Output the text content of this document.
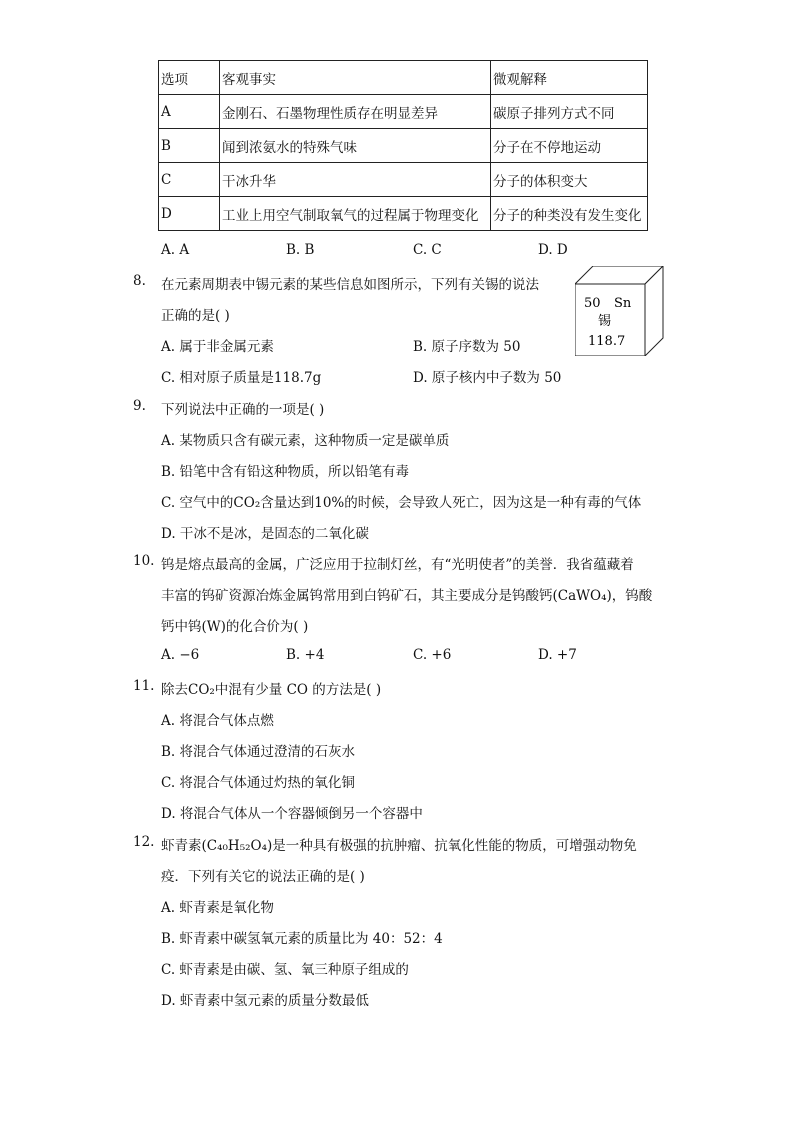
选项	客观事实	微观解释
A	金刚石、石墨物理性质存在明显差异	碳原子排列方式不同
B	闻到浓氨水的特殊气味	分子在不停地运动
C	干冰升华	分子的体积变大
D	工业上用空气制取氧气的过程属于物理变化	分子的种类没有发生变化
A. A	B. B	C. C	D. D
8. 在元素周期表中锡元素的某些信息如图所示，下列有关锡的说法
正确的是( )
50 Sn
锡
118.7
A. 属于非金属元素	B. 原子序数为 50
C. 相对原子质量是118.7g	D. 原子核内中子数为 50
9. 下列说法中正确的一项是( )
A. 某物质只含有碳元素，这种物质一定是碳单质
B. 铅笔中含有铅这种物质，所以铅笔有毒
C. 空气中的CO₂含量达到10%的时候，会导致人死亡，因为这是一种有毒的气体
D. 干冰不是冰，是固态的二氧化碳
10. 钨是熔点最高的金属，广泛应用于拉制灯丝，有“光明使者”的美誉．我省蕴藏着
丰富的钨矿资源冶炼金属钨常用到白钨矿石，其主要成分是钨酸钙(CaWO₄)，钨酸
钙中钨(W)的化合价为( )
A. −6	B. +4	C. +6	D. +7
11. 除去CO₂中混有少量 CO 的方法是( )
A. 将混合气体点燃
B. 将混合气体通过澄清的石灰水
C. 将混合气体通过灼热的氧化铜
D. 将混合气体从一个容器倾倒另一个容器中
12. 虾青素(C₄₀H₅₂O₄)是一种具有极强的抗肿瘤、抗氧化性能的物质，可增强动物免
疫．下列有关它的说法正确的是( )
A. 虾青素是氧化物
B. 虾青素中碳氢氧元素的质量比为 40：52：4
C. 虾青素是由碳、氢、氧三种原子组成的
D. 虾青素中氢元素的质量分数最低
